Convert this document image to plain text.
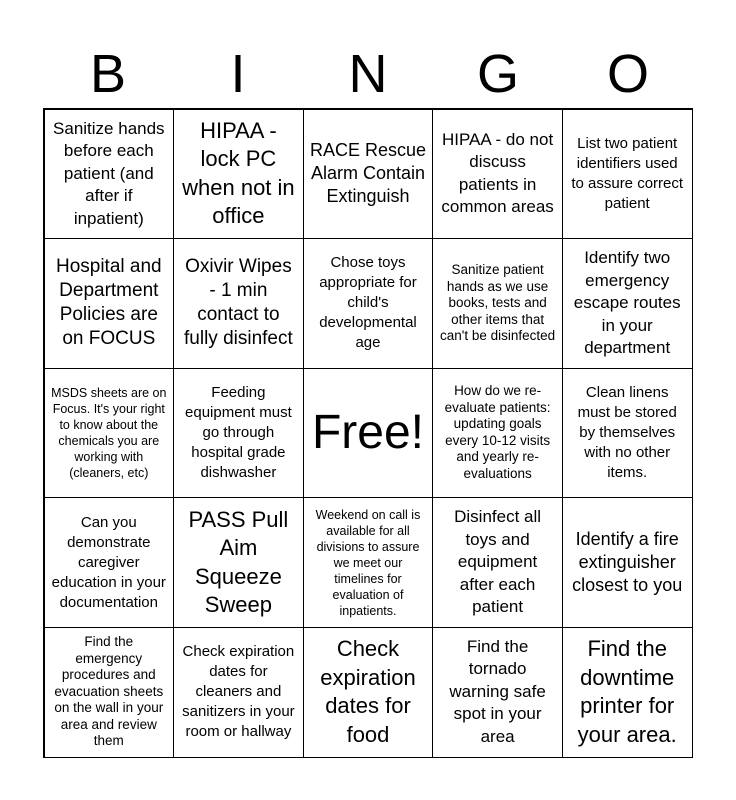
B	I	N	G	O
Sanitize hands before each patient (and after if inpatient)
HIPAA - lock PC when not in office
RACE Rescue Alarm Contain Extinguish
HIPAA - do not discuss patients in common areas
List two patient identifiers used to assure correct patient
Hospital and Department Policies are on FOCUS
Oxivir Wipes - 1 min contact to fully disinfect
Chose toys appropriate for child's developmental age
Sanitize patient hands as we use books, tests and other items that can't be disinfected
Identify two emergency escape routes in your department
MSDS sheets are on Focus. It's your right to know about the chemicals you are working with (cleaners, etc)
Feeding equipment must go through hospital grade dishwasher
Free!
How do we re-evaluate patients: updating goals every 10-12 visits and yearly re-evaluations
Clean linens must be stored by themselves with no other items.
Can you demonstrate caregiver education in your documentation
PASS Pull Aim Squeeze Sweep
Weekend on call is available for all divisions to assure we meet our timelines for evaluation of inpatients.
Disinfect all toys and equipment after each patient
Identify a fire extinguisher closest to you
Find the emergency procedures and evacuation sheets on the wall in your area and review them
Check expiration dates for cleaners and sanitizers in your room or hallway
Check expiration dates for food
Find the tornado warning safe spot in your area
Find the downtime printer for your area.
